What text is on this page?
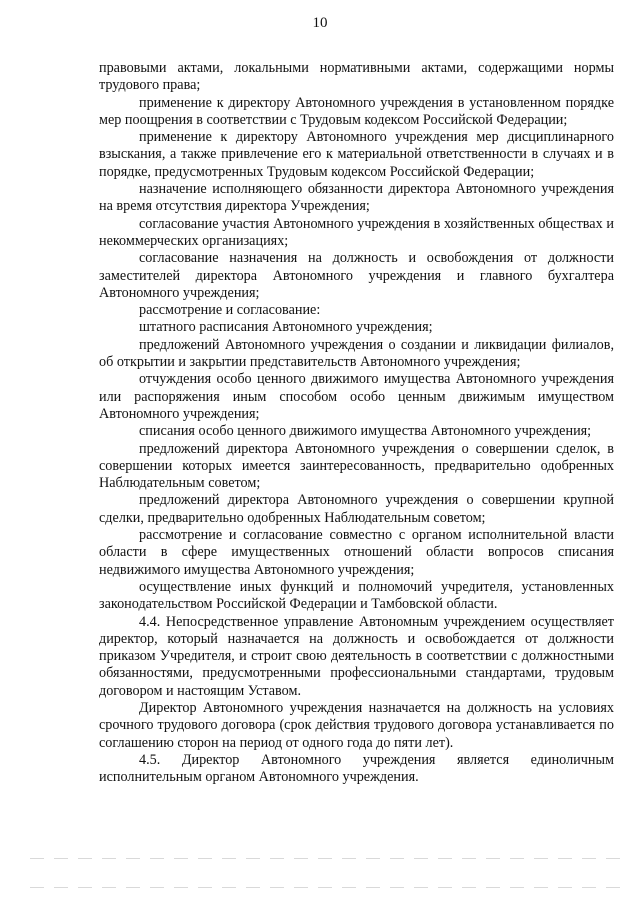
10

правовыми актами, локальными нормативными актами, содержащими нормы трудового права;

применение к директору Автономного учреждения в установленном порядке мер поощрения в соответствии с Трудовым кодексом Российской Федерации;

применение к директору Автономного учреждения мер дисциплинарного взыскания, а также привлечение его к материальной ответственности в случаях и в порядке, предусмотренных Трудовым кодексом Российской Федерации;

назначение исполняющего обязанности директора Автономного учреждения на время отсутствия директора Учреждения;

согласование участия Автономного учреждения в хозяйственных обществах и некоммерческих организациях;

согласование назначения на должность и освобождения от должности заместителей директора Автономного учреждения и главного бухгалтера Автономного учреждения;

рассмотрение и согласование:

штатного расписания Автономного учреждения;

предложений Автономного учреждения о создании и ликвидации филиалов, об открытии и закрытии представительств Автономного учреждения;

отчуждения особо ценного движимого имущества Автономного учреждения или распоряжения иным способом особо ценным движимым имуществом Автономного учреждения;

списания особо ценного движимого имущества Автономного учреждения;

предложений директора Автономного учреждения о совершении сделок, в совершении которых имеется заинтересованность, предварительно одобренных Наблюдательным советом;

предложений директора Автономного учреждения о совершении крупной сделки, предварительно одобренных Наблюдательным советом;

рассмотрение и согласование совместно с органом исполнительной власти области в сфере имущественных отношений области вопросов списания недвижимого имущества Автономного учреждения;

осуществление иных функций и полномочий учредителя, установленных законодательством Российской Федерации и Тамбовской области.

4.4. Непосредственное управление Автономным учреждением осуществляет директор, который назначается на должность и освобождается от должности приказом Учредителя, и строит свою деятельность в соответствии с должностными обязанностями, предусмотренными профессиональными стандартами, трудовым договором и настоящим Уставом.

Директор Автономного учреждения назначается на должность на условиях срочного трудового договора (срок действия трудового договора устанавливается по соглашению сторон на период от одного года до пяти лет).

4.5. Директор Автономного учреждения является единоличным исполнительным органом Автономного учреждения.
